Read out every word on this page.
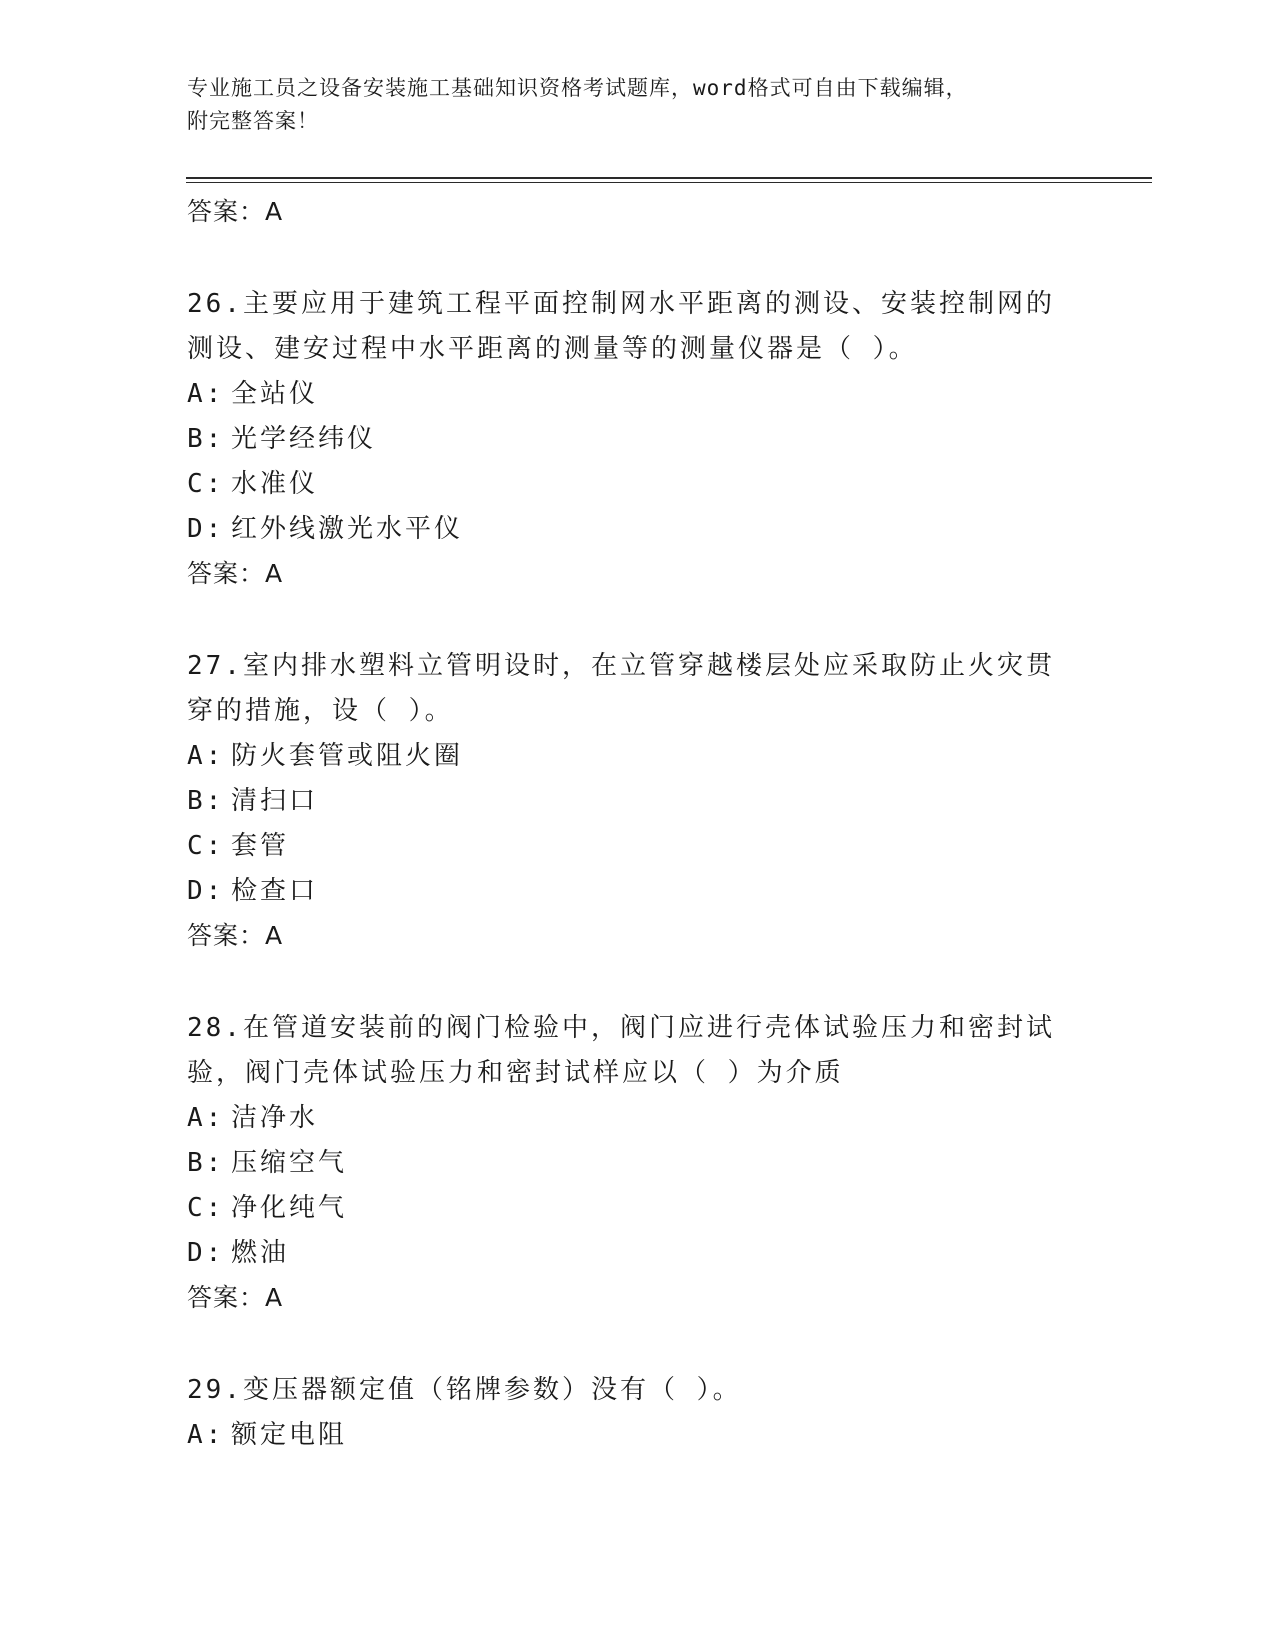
专业施工员之设备安装施工基础知识资格考试题库，word格式可自由下载编辑，
附完整答案！
答案：A
26.主要应用于建筑工程平面控制网水平距离的测设、安装控制网的测设、建安过程中水平距离的测量等的测量仪器是（ ）。
A: 全站仪
B: 光学经纬仪
C: 水准仪
D: 红外线激光水平仪
答案：A
27.室内排水塑料立管明设时，在立管穿越楼层处应采取防止火灾贯穿的措施，设（ ）。
A: 防火套管或阻火圈
B: 清扫口
C: 套管
D: 检查口
答案：A
28.在管道安装前的阀门检验中，阀门应进行壳体试验压力和密封试验，阀门壳体试验压力和密封试样应以（ ）为介质
A: 洁净水
B: 压缩空气
C: 净化纯气
D: 燃油
答案：A
29.变压器额定值（铭牌参数）没有（ ）。
A: 额定电阻
